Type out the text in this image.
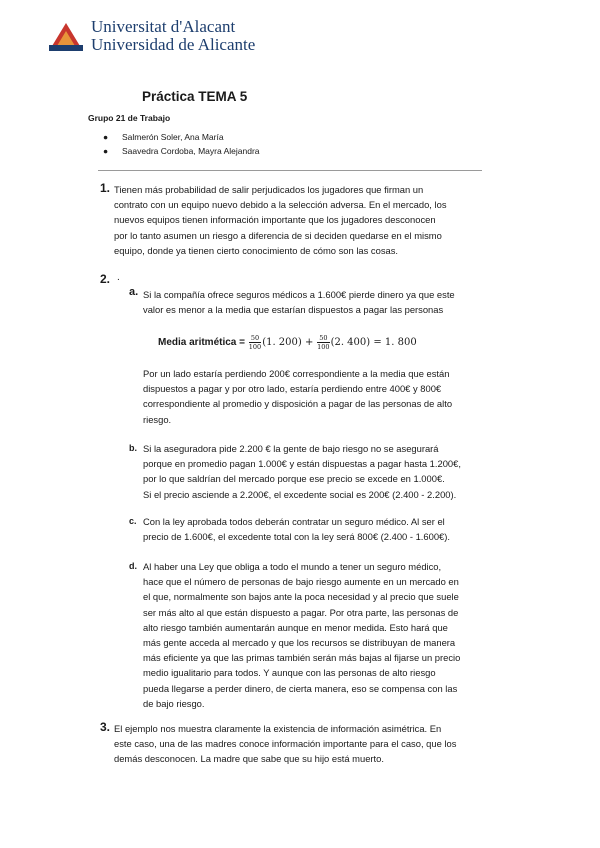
Universitat d'Alacant
Universidad de Alicante
Práctica TEMA 5
Grupo 21 de Trabajo
● Salmerón Soler, Ana María
● Saavedra Cordoba, Mayra Alejandra
1. Tienen más probabilidad de salir perjudicados los jugadores que firman un
contrato con un equipo nuevo debido a la selección adversa. En el mercado, los
nuevos equipos tienen información importante que los jugadores desconocen
por lo tanto asumen un riesgo a diferencia de si deciden quedarse en el mismo
equipo, donde ya tienen cierto conocimiento de cómo son las cosas.
2. .
a. Si la compañía ofrece seguros médicos a 1.600€ pierde dinero ya que este
valor es menor a la media que estarían dispuestos a pagar las personas
Media aritmética = $\frac{50}{100} (1$. $200) + \frac{50}{100} (2$. 400) = 1. 800
Por un lado estaría perdiendo 200€ correspondiente a la media que están
dispuestos a pagar y por otro lado, estaría perdiendo entre 400€ y 800€
correspondiente al promedio y disposición a pagar de las personas de alto
riesgo.
b. Si la aseguradora pide 2.200 € la gente de bajo riesgo no se asegurará
porque en promedio pagan 1.000€ y están dispuestas a pagar hasta 1.200€,
por lo que saldrían del mercado porque ese precio se excede en 1.000€.
Si el precio asciende a 2.200€, el excedente social es 200€ (2.400 - 2.200).
c. Con la ley aprobada todos deberán contratar un seguro médico. Al ser el
precio de 1.600€, el excedente total con la ley será 800€ (2.400 - 1.600€).
d. Al haber una Ley que obliga a todo el mundo a tener un seguro médico,
hace que el número de personas de bajo riesgo aumente en un mercado en
el que, normalmente son bajos ante la poca necesidad y al precio que suele
ser más alto al que están dispuesto a pagar. Por otra parte, las personas de
alto riesgo también aumentarán aunque en menor medida. Esto hará que
más gente acceda al mercado y que los recursos se distribuyan de manera
más eficiente ya que las primas también serán más bajas al fijarse un precio
medio igualitario para todos. Y aunque con las personas de alto riesgo
pueda llegarse a perder dinero, de cierta manera, eso se compensa con las
de bajo riesgo.
3. El ejemplo nos muestra claramente la existencia de información asimétrica. En
este caso, una de las madres conoce información importante para el caso, que los
demás desconocen. La madre que sabe que su hijo está muerto.
